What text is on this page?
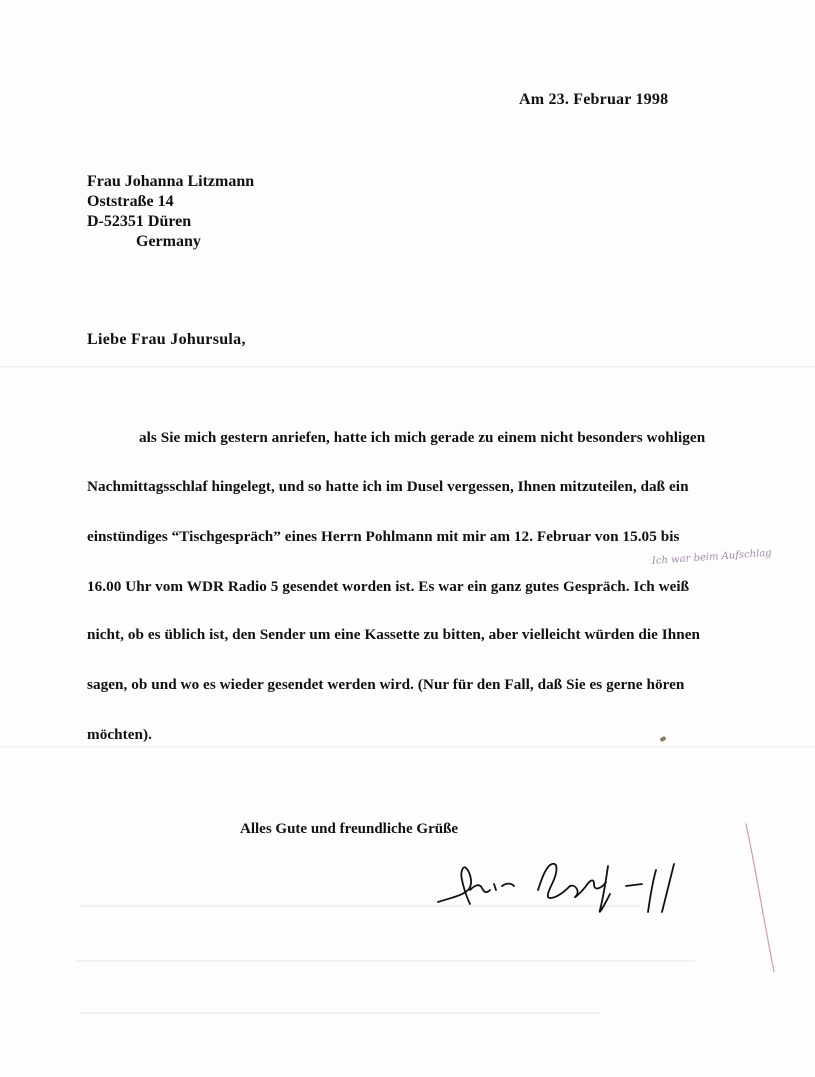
Am 23. Februar 1998
Frau Johanna Litzmann
Oststraße 14
D-52351 Düren
Germany
Liebe Frau Johursula,
als Sie mich gestern anriefen, hatte ich mich gerade zu einem nicht besonders wohligen
Nachmittagsschlaf hingelegt, und so hatte ich im Dusel vergessen, Ihnen mitzuteilen, daß ein
einstündiges “Tischgespräch” eines Herrn Pohlmann mit mir am 12. Februar von 15.05 bis
16.00 Uhr vom WDR Radio 5 gesendet worden ist. Es war ein ganz gutes Gespräch. Ich weiß
nicht, ob es üblich ist, den Sender um eine Kassette zu bitten, aber vielleicht würden die Ihnen
sagen, ob und wo es wieder gesendet werden wird. (Nur für den Fall, daß Sie es gerne hören
möchten).
Ich war beim Aufschlag
Alles Gute und freundliche Grüße
